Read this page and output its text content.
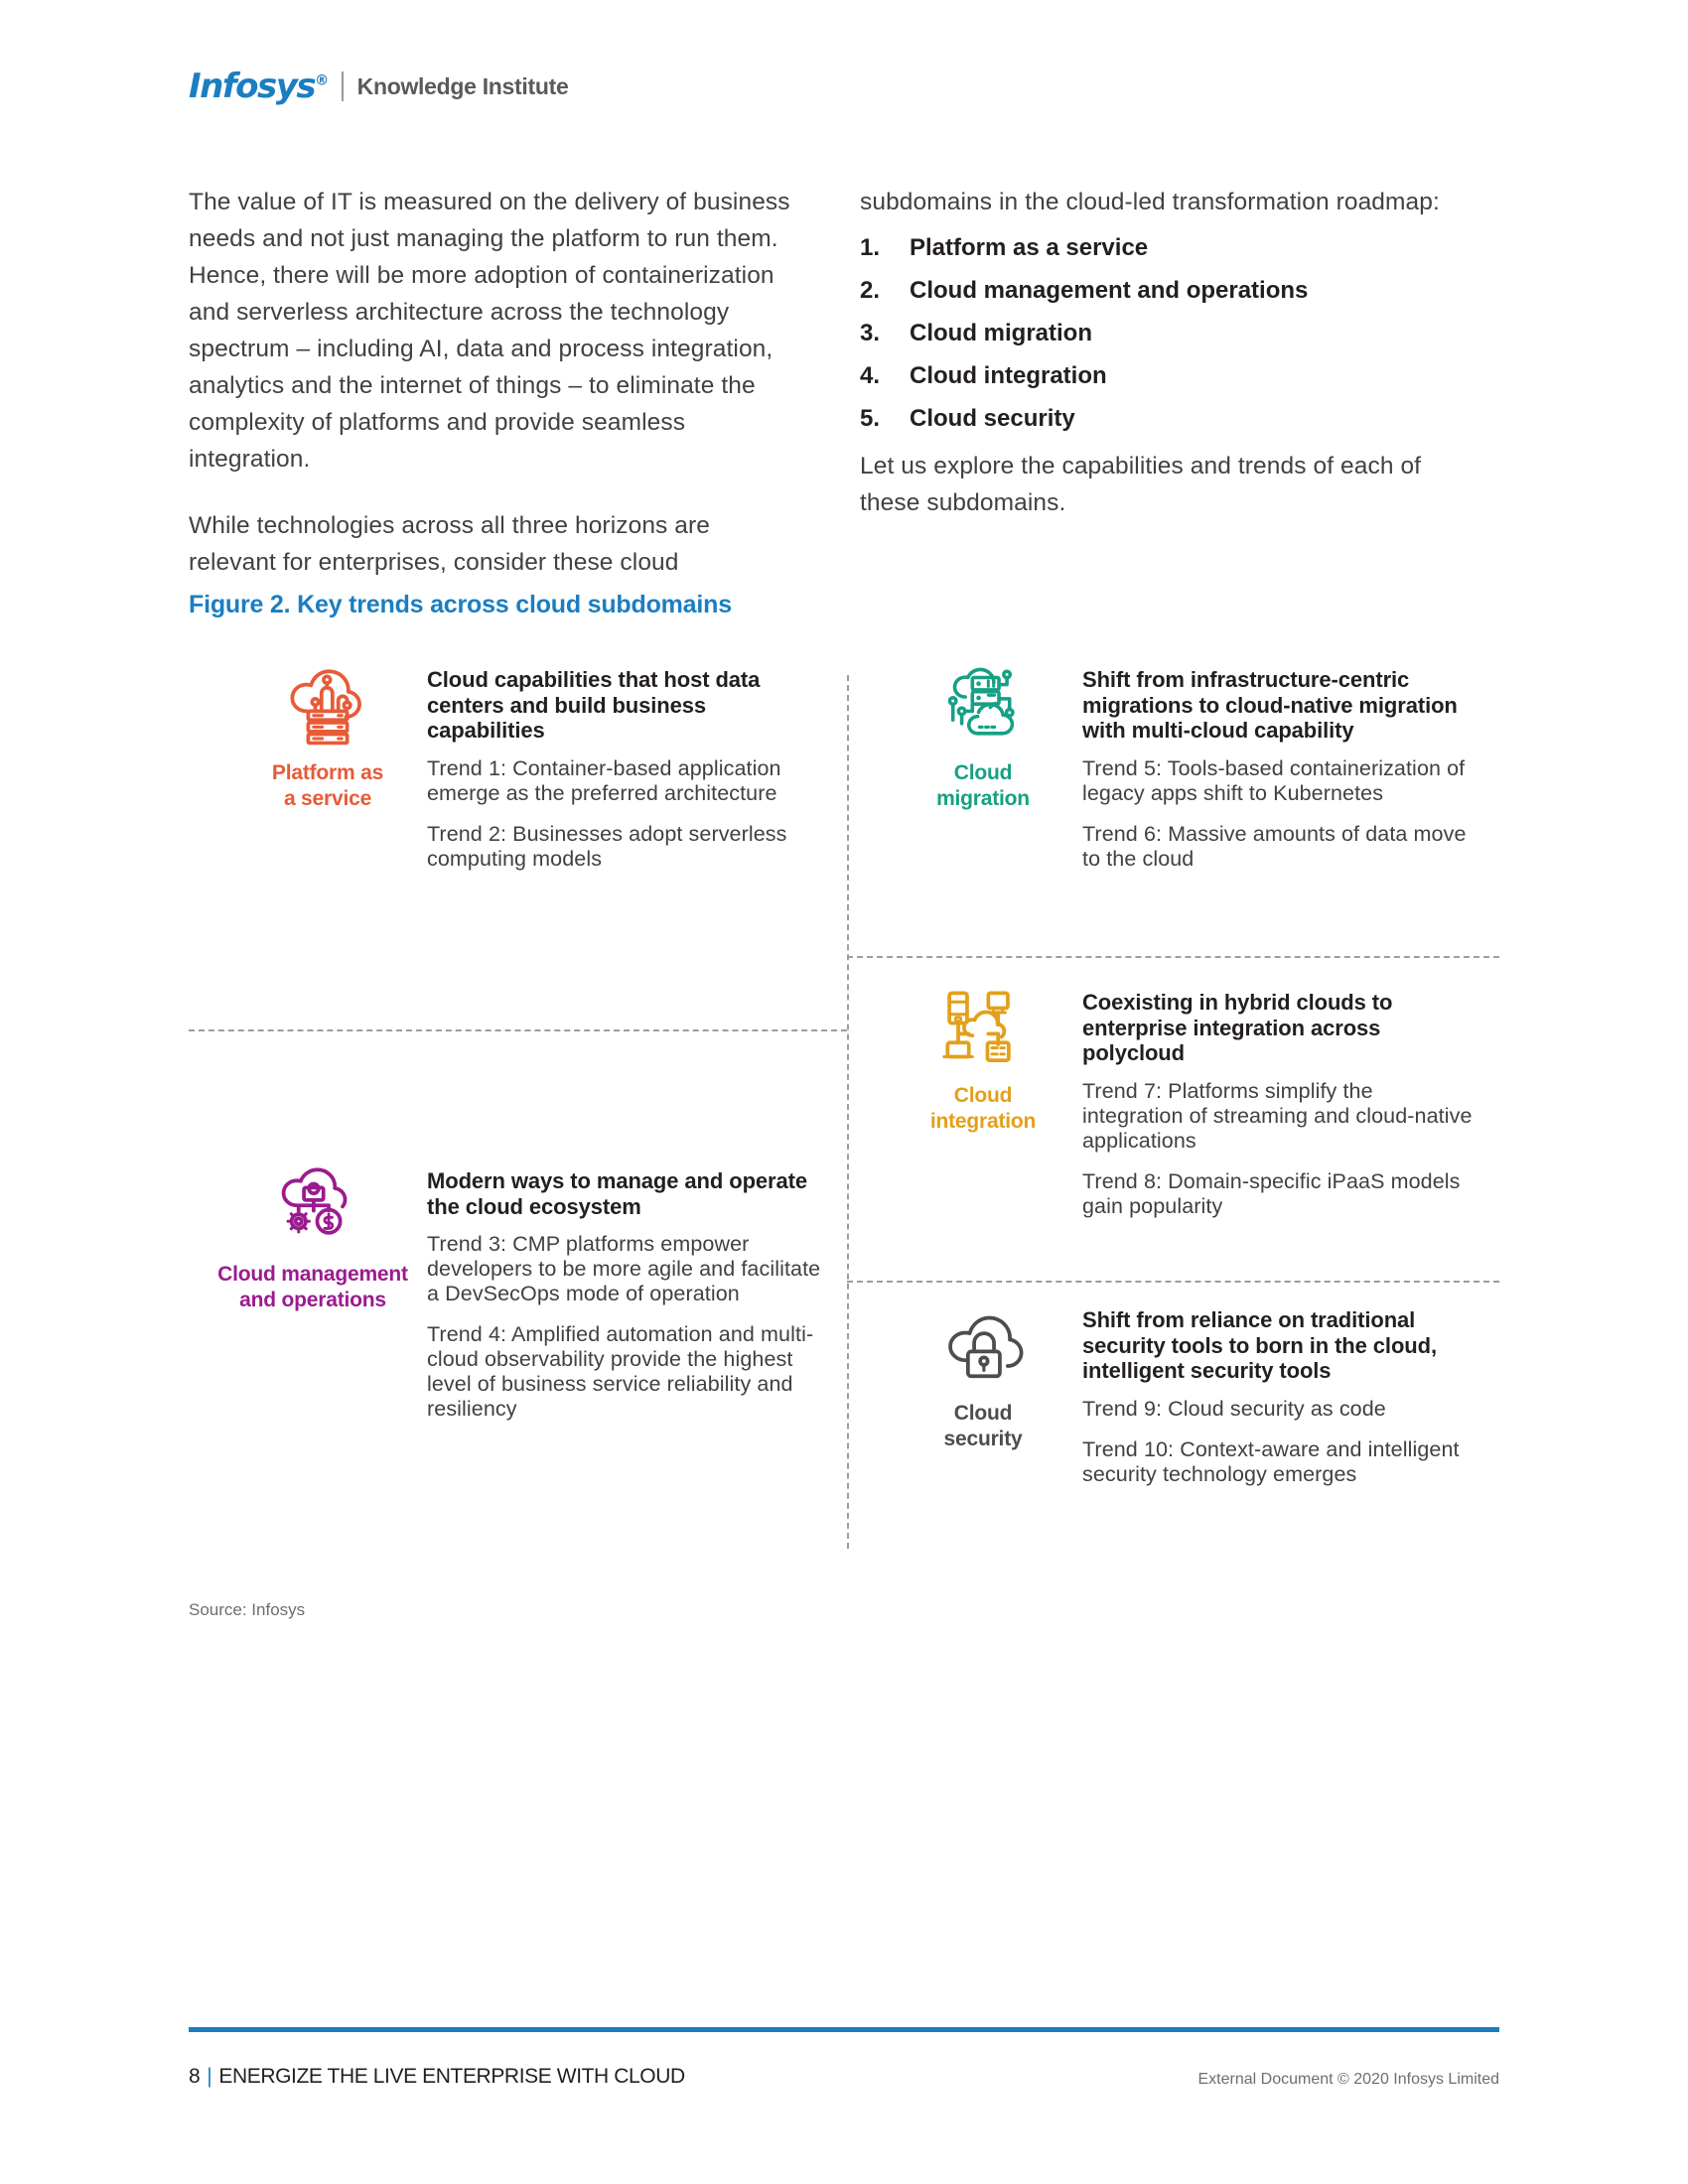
Infosys® Knowledge Institute

The value of IT is measured on the delivery of business needs and not just managing the platform to run them. Hence, there will be more adoption of containerization and serverless architecture across the technology spectrum – including AI, data and process integration, analytics and the internet of things – to eliminate the complexity of platforms and provide seamless integration.

While technologies across all three horizons are relevant for enterprises, consider these cloud

subdomains in the cloud-led transformation roadmap:

1.	Platform as a service
2.	Cloud management and operations
3.	Cloud migration
4.	Cloud integration
5.	Cloud security

Let us explore the capabilities and trends of each of these subdomains.

Figure 2. Key trends across cloud subdomains
Platform as
a service
Cloud capabilities that host data centers and build business capabilities
Trend 1: Container-based application emerge as the preferred architecture
Trend 2: Businesses adopt serverless computing models
Cloud
migration
Shift from infrastructure-centric migrations to cloud-native migration with multi-cloud capability
Trend 5: Tools-based containerization of legacy apps shift to Kubernetes
Trend 6: Massive amounts of data move to the cloud
Cloud management
and operations
Modern ways to manage and operate the cloud ecosystem
Trend 3: CMP platforms empower developers to be more agile and facilitate a DevSecOps mode of operation
Trend 4: Amplified automation and multi-cloud observability provide the highest level of business service reliability and resiliency
Cloud
integration
Coexisting in hybrid clouds to enterprise integration across polycloud
Trend 7: Platforms simplify the integration of streaming and cloud-native applications
Trend 8: Domain-specific iPaaS models gain popularity
Cloud
security
Shift from reliance on traditional security tools to born in the cloud, intelligent security tools
Trend 9: Cloud security as code
Trend 10: Context-aware and intelligent security technology emerges
Source: Infosys
8 | ENERGIZE THE LIVE ENTERPRISE WITH CLOUD	External Document © 2020 Infosys Limited
